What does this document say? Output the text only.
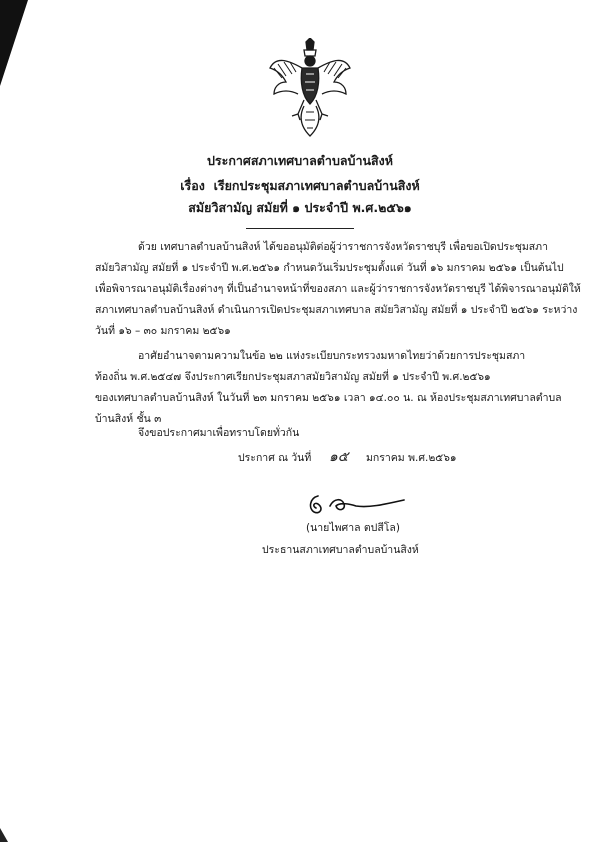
ประกาศสภาเทศบาลตำบลบ้านสิงห์
เรื่อง เรียกประชุมสภาเทศบาลตำบลบ้านสิงห์
สมัยวิสามัญ สมัยที่ ๑ ประจำปี พ.ศ.๒๕๖๑
ด้วย เทศบาลตำบลบ้านสิงห์ ได้ขออนุมัติต่อผู้ว่าราชการจังหวัดราชบุรี เพื่อขอเปิดประชุมสภา
สมัยวิสามัญ สมัยที่ ๑ ประจำปี พ.ศ.๒๕๖๑ กำหนดวันเริ่มประชุมตั้งแต่ วันที่ ๑๖ มกราคม ๒๕๖๑ เป็นต้นไป
เพื่อพิจารณาอนุมัติเรื่องต่างๆ ที่เป็นอำนาจหน้าที่ของสภา และผู้ว่าราชการจังหวัดราชบุรี ได้พิจารณาอนุมัติให้
สภาเทศบาลตำบลบ้านสิงห์ ดำเนินการเปิดประชุมสภาเทศบาล สมัยวิสามัญ สมัยที่ ๑ ประจำปี ๒๕๖๑ ระหว่าง
วันที่ ๑๖ – ๓๐ มกราคม ๒๕๖๑
อาศัยอำนาจตามความในข้อ ๒๒ แห่งระเบียบกระทรวงมหาดไทยว่าด้วยการประชุมสภา
ท้องถิ่น พ.ศ.๒๕๔๗ จึงประกาศเรียกประชุมสภาสมัยวิสามัญ สมัยที่ ๑ ประจำปี พ.ศ.๒๕๖๑
ของเทศบาลตำบลบ้านสิงห์ ในวันที่ ๒๓ มกราคม ๒๕๖๑ เวลา ๑๔.๐๐ น. ณ ห้องประชุมสภาเทศบาลตำบล
บ้านสิงห์ ชั้น ๓
จึงขอประกาศมาเพื่อทราบโดยทั่วกัน
ประกาศ ณ วันที่ ๑๕ มกราคม พ.ศ.๒๕๖๑
(นายไพศาล ตปสีโล)
ประธานสภาเทศบาลตำบลบ้านสิงห์
